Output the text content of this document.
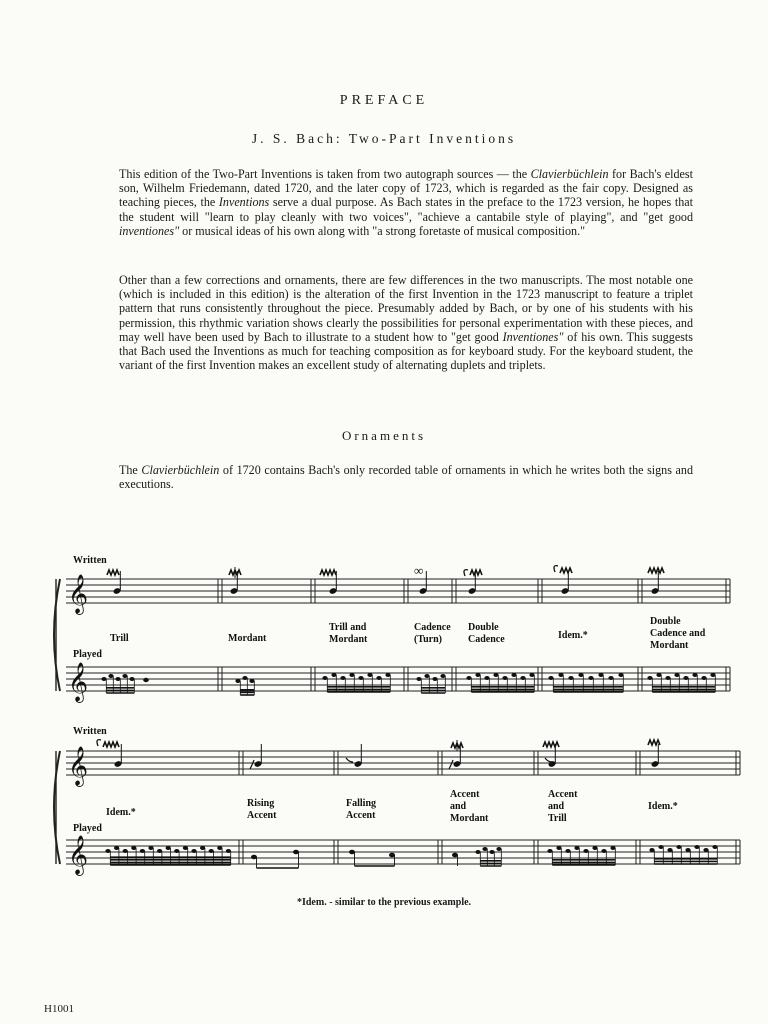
PREFACE
J. S. Bach: Two-Part Inventions
This edition of the Two-Part Inventions is taken from two autograph sources — the Clavierbüchlein for Bach's eldest son, Wilhelm Friedemann, dated 1720, and the later copy of 1723, which is regarded as the fair copy. Designed as teaching pieces, the Inventions serve a dual purpose. As Bach states in the preface to the 1723 version, he hopes that the student will "learn to play cleanly with two voices", "achieve a cantabile style of playing", and "get good inventiones" or musical ideas of his own along with "a strong foretaste of musical composition."
Other than a few corrections and ornaments, there are few differences in the two manuscripts. The most notable one (which is included in this edition) is the alteration of the first Invention in the 1723 manuscript to feature a triplet pattern that runs consistently throughout the piece. Presumably added by Bach, or by one of his students with his permission, this rhythmic variation shows clearly the possibilities for personal experimentation with these pieces, and may well have been used by Bach to illustrate to a student how to "get good Inventiones" of his own. This suggests that Bach used the Inventions as much for teaching composition as for keyboard study. For the keyboard student, the variant of the first Invention makes an excellent study of alternating duplets and triplets.
Ornaments
The Clavierbüchlein of 1720 contains Bach's only recorded table of ornaments in which he writes both the signs and executions.
Written
𝄞
𝄞
Played
∞
Trill	Mordant
Trill and
Mordant
Cadence
(Turn)
Double
Cadence	Idem.*
Double
Cadence and
Mordant
Written
𝄞
𝄞
Played
Idem.*
Rising
Accent
Falling
Accent
Accent
and
Mordant
Accent
and
Trill
Idem.*
*Idem. - similar to the previous example.
H1001
